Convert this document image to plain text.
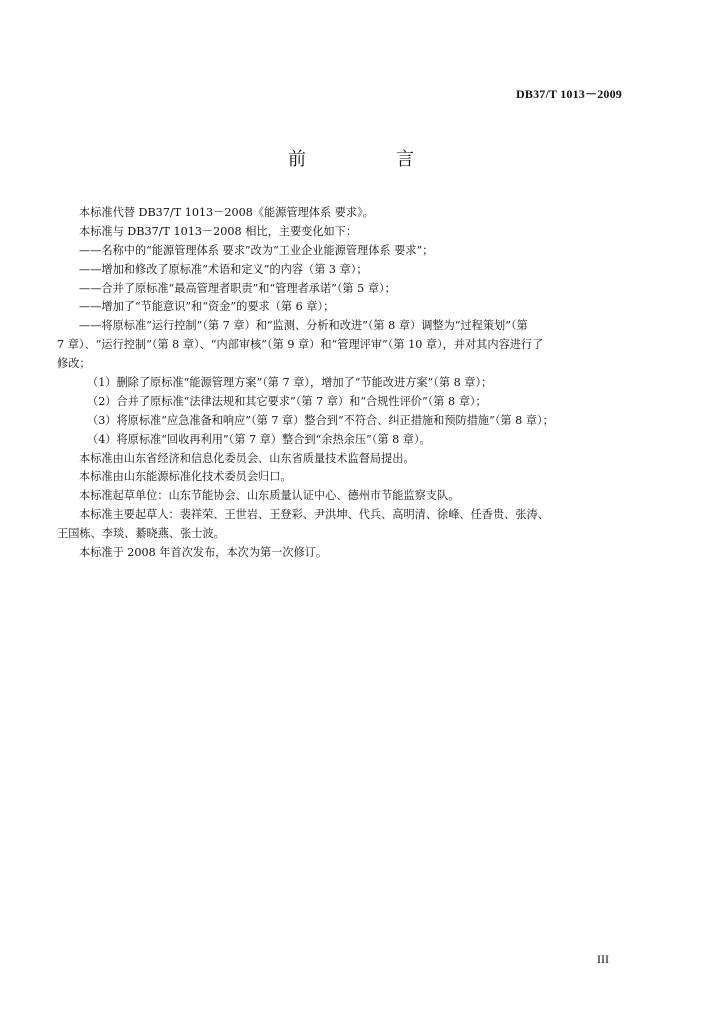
DB37/T 1013－2009
前　言
本标准代替 DB37/T 1013－2008《能源管理体系 要求》。
本标准与 DB37/T 1013－2008 相比，主要变化如下：
——名称中的“能源管理体系 要求”改为“工业企业能源管理体系 要求”；
——增加和修改了原标准“术语和定义”的内容（第 3 章）；
——合并了原标准“最高管理者职责”和“管理者承诺”（第 5 章）；
——增加了“节能意识”和“资金”的要求（第 6 章）；
——将原标准“运行控制”（第 7 章）和“监测、分析和改进”（第 8 章）调整为“过程策划”（第
7 章）、“运行控制”（第 8 章）、“内部审核”（第 9 章）和“管理评审”（第 10 章），并对其内容进行了
修改；
（1）删除了原标准“能源管理方案”（第 7 章），增加了“节能改进方案”（第 8 章）；
（2）合并了原标准“法律法规和其它要求”（第 7 章）和“合规性评价”（第 8 章）；
（3）将原标准“应急准备和响应”（第 7 章）整合到“不符合、纠正措施和预防措施”（第 8 章）；
（4）将原标准“回收再利用”（第 7 章）整合到“余热余压”（第 8 章）。
本标准由山东省经济和信息化委员会、山东省质量技术监督局提出。
本标准由山东能源标准化技术委员会归口。
本标准起草单位：山东节能协会、山东质量认证中心、德州市节能监察支队。
本标准主要起草人：裴祥荣、王世岩、王登彩、尹洪坤、代兵、高明清、徐峰、任香贵、张涛、
王国栋、李琰、綦晓燕、张士波。
本标准于 2008 年首次发布，本次为第一次修订。
III
